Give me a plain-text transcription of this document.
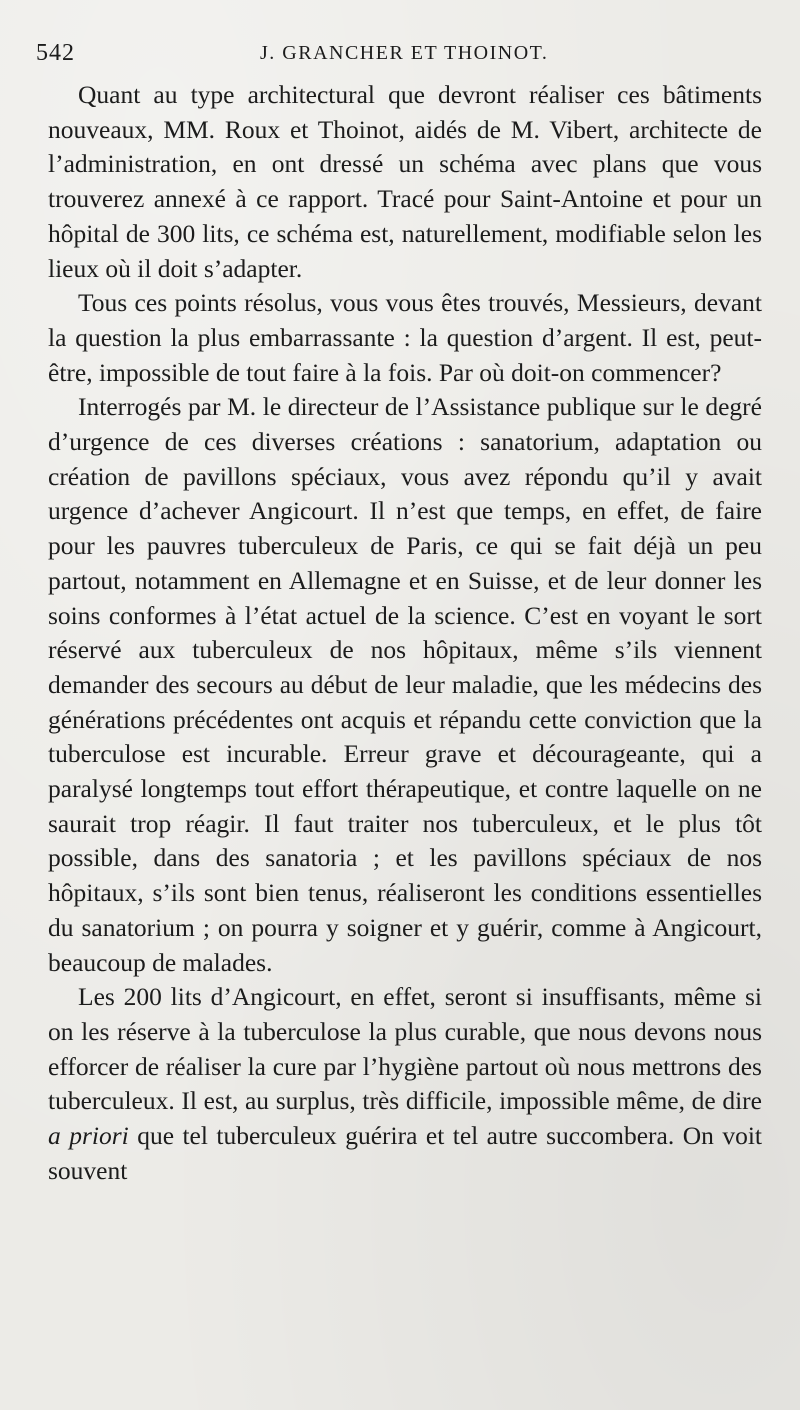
542	J. GRANCHER ET THOINOT.

Quant au type architectural que devront réaliser ces bâtiments nouveaux, MM. Roux et Thoinot, aidés de M. Vibert, architecte de l’administration, en ont dressé un schéma avec plans que vous trouverez annexé à ce rapport. Tracé pour Saint-Antoine et pour un hôpital de 300 lits, ce schéma est, naturellement, modifiable selon les lieux où il doit s’adapter.

Tous ces points résolus, vous vous êtes trouvés, Messieurs, devant la question la plus embarrassante : la question d’argent. Il est, peut-être, impossible de tout faire à la fois. Par où doit-on commencer?

Interrogés par M. le directeur de l’Assistance publique sur le degré d’urgence de ces diverses créations : sanatorium, adaptation ou création de pavillons spéciaux, vous avez répondu qu’il y avait urgence d’achever Angicourt. Il n’est que temps, en effet, de faire pour les pauvres tuberculeux de Paris, ce qui se fait déjà un peu partout, notamment en Allemagne et en Suisse, et de leur donner les soins conformes à l’état actuel de la science. C’est en voyant le sort réservé aux tuberculeux de nos hôpitaux, même s’ils viennent demander des secours au début de leur maladie, que les médecins des générations précédentes ont acquis et répandu cette conviction que la tuberculose est incurable. Erreur grave et décourageante, qui a paralysé longtemps tout effort thérapeutique, et contre laquelle on ne saurait trop réagir. Il faut traiter nos tuberculeux, et le plus tôt possible, dans des sanatoria ; et les pavillons spéciaux de nos hôpitaux, s’ils sont bien tenus, réaliseront les conditions essentielles du sanatorium ; on pourra y soigner et y guérir, comme à Angicourt, beaucoup de malades.

Les 200 lits d’Angicourt, en effet, seront si insuffisants, même si on les réserve à la tuberculose la plus curable, que nous devons nous efforcer de réaliser la cure par l’hygiène partout où nous mettrons des tuberculeux. Il est, au surplus, très difficile, impossible même, de dire a priori que tel tuberculeux guérira et tel autre succombera. On voit souvent
